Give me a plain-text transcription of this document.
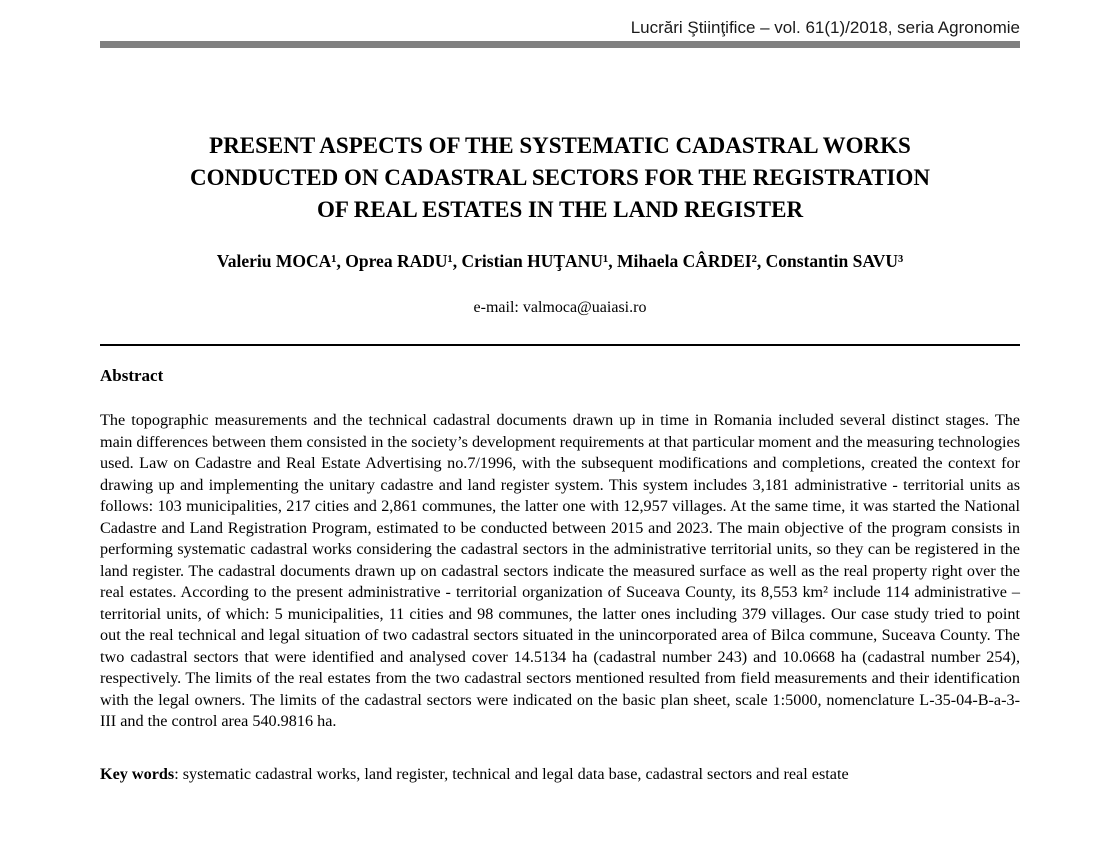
Lucrări Ştiinţifice – vol. 61(1)/2018, seria Agronomie
PRESENT ASPECTS OF THE SYSTEMATIC CADASTRAL WORKS
CONDUCTED ON CADASTRAL SECTORS FOR THE REGISTRATION
OF REAL ESTATES IN THE LAND REGISTER

Valeriu MOCA¹, Oprea RADU¹, Cristian HUŢANU¹, Mihaela CÂRDEI², Constantin SAVU³

e-mail: valmoca@uaiasi.ro

Abstract

The topographic measurements and the technical cadastral documents drawn up in time in Romania included several distinct stages. The main differences between them consisted in the society’s development requirements at that particular moment and the measuring technologies used. Law on Cadastre and Real Estate Advertising no.7/1996, with the subsequent modifications and completions, created the context for drawing up and implementing the unitary cadastre and land register system. This system includes 3,181 administrative - territorial units as follows: 103 municipalities, 217 cities and 2,861 communes, the latter one with 12,957 villages. At the same time, it was started the National Cadastre and Land Registration Program, estimated to be conducted between 2015 and 2023. The main objective of the program consists in performing systematic cadastral works considering the cadastral sectors in the administrative territorial units, so they can be registered in the land register. The cadastral documents drawn up on cadastral sectors indicate the measured surface as well as the real property right over the real estates. According to the present administrative - territorial organization of Suceava County, its 8,553 km² include 114 administrative – territorial units, of which: 5 municipalities, 11 cities and 98 communes, the latter ones including 379 villages. Our case study tried to point out the real technical and legal situation of two cadastral sectors situated in the unincorporated area of Bilca commune, Suceava County. The two cadastral sectors that were identified and analysed cover 14.5134 ha (cadastral number 243) and 10.0668 ha (cadastral number 254), respectively. The limits of the real estates from the two cadastral sectors mentioned resulted from field measurements and their identification with the legal owners. The limits of the cadastral sectors were indicated on the basic plan sheet, scale 1:5000, nomenclature L-35-04-B-a-3-III and the control area 540.9816 ha.

Key words: systematic cadastral works, land register, technical and legal data base, cadastral sectors and real estate
